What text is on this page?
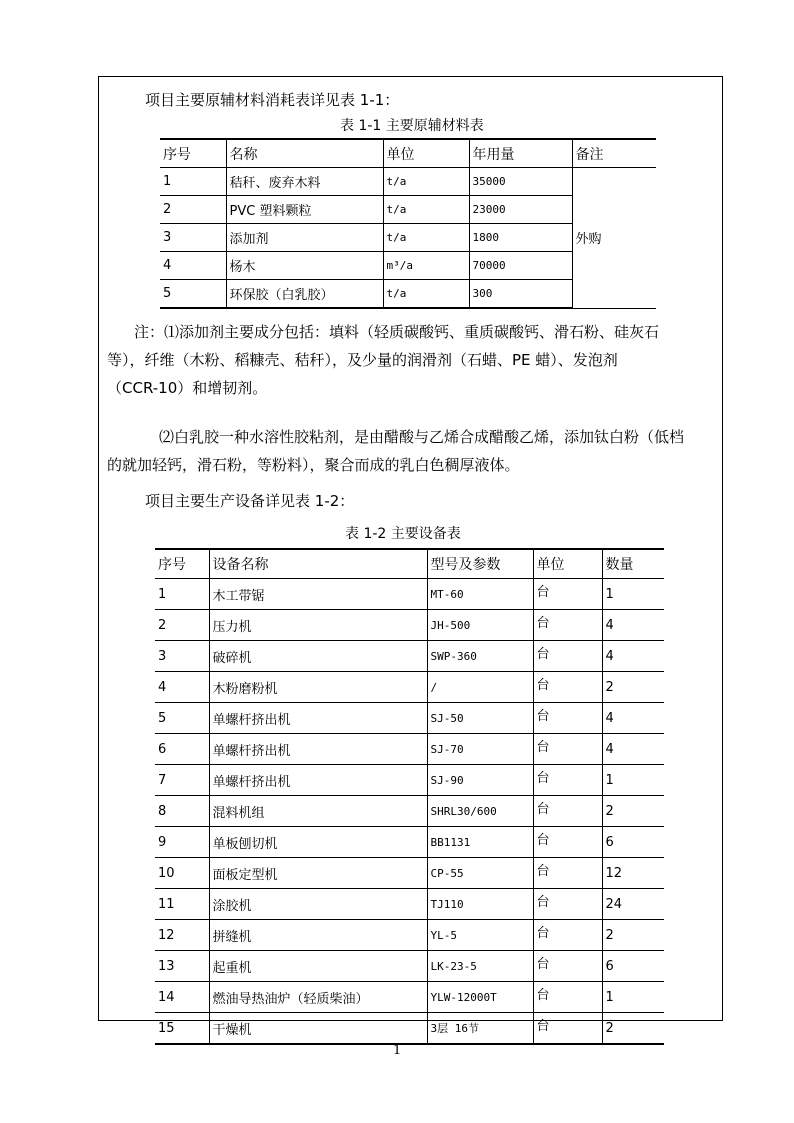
项目主要原辅材料消耗表详见表 1-1：
表 1-1 主要原辅材料表
序号	名称	单位	年用量	备注
1	秸秆、废弃木料	t/a	35000	外购
2	PVC 塑料颗粒	t/a	23000	
3	添加剂	t/a	1800	
4	杨木	m³/a	70000	
5	环保胶（白乳胶）	t/a	300	
注：⑴添加剂主要成分包括：填料（轻质碳酸钙、重质碳酸钙、滑石粉、硅灰石
等），纤维（木粉、稻糠壳、秸秆），及少量的润滑剂（石蜡、PE 蜡）、发泡剂
（CCR-10）和增韧剂。
⑵白乳胶一种水溶性胶粘剂，是由醋酸与乙烯合成醋酸乙烯，添加钛白粉（低档
的就加轻钙，滑石粉，等粉料），聚合而成的乳白色稠厚液体。
项目主要生产设备详见表 1-2：
表 1-2 主要设备表
序号	设备名称	型号及参数	单位	数量
1	木工带锯	MT-60	台	1
2	压力机	JH-500	台	4
3	破碎机	SWP-360	台	4
4	木粉磨粉机	/	台	2
5	单螺杆挤出机	SJ-50	台	4
6	单螺杆挤出机	SJ-70	台	4
7	单螺杆挤出机	SJ-90	台	1
8	混料机组	SHRL30/600	台	2
9	单板刨切机	BB1131	台	6
10	面板定型机	CP-55	台	12
11	涂胶机	TJ110	台	24
12	拼缝机	YL-5	台	2
13	起重机	LK-23-5	台	6
14	燃油导热油炉（轻质柴油）	YLW-12000T	台	1
15	干燥机	3层 16节	台	2
1
